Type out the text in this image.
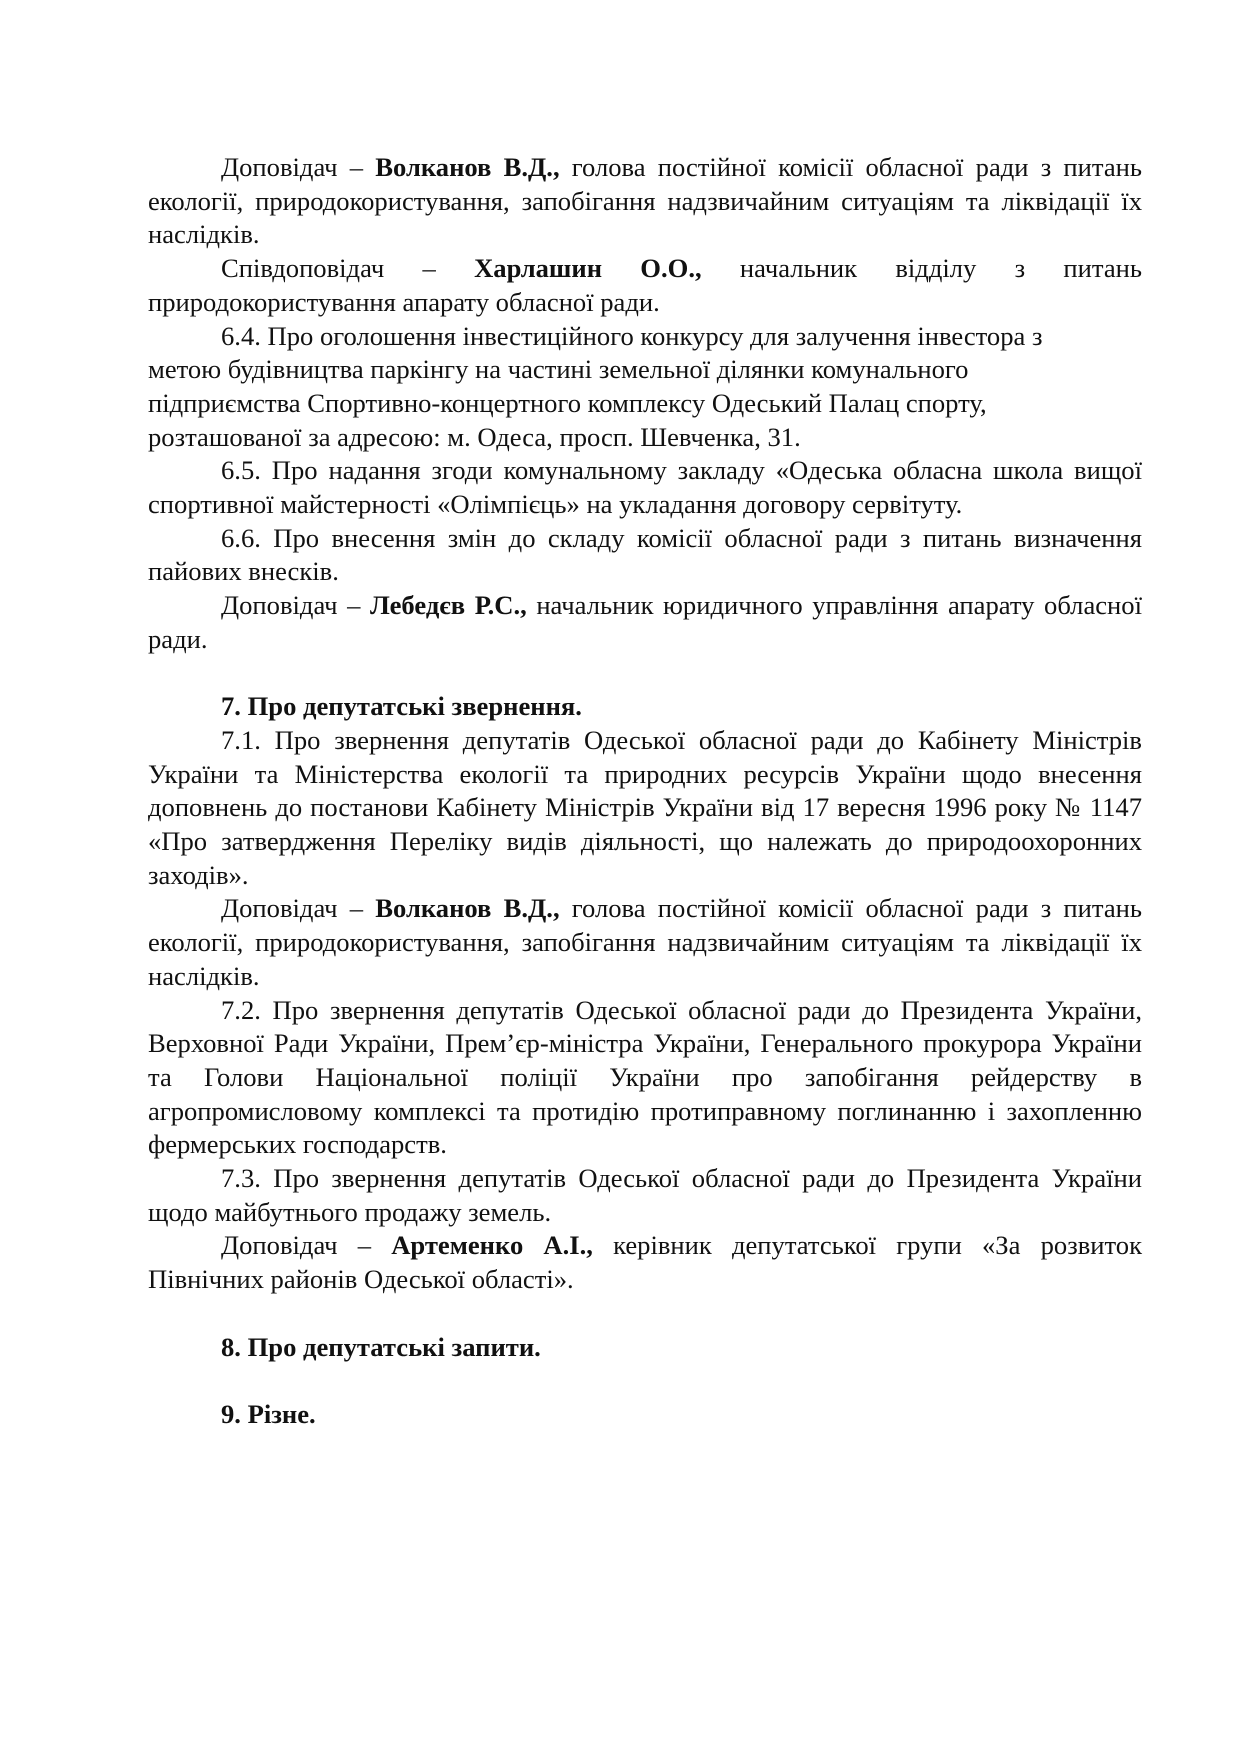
Доповідач – Волканов В.Д., голова постійної комісії обласної ради з питань екології, природокористування, запобігання надзвичайним ситуаціям та ліквідації їх наслідків.

Співдоповідач – Харлашин О.О., начальник відділу з питань природокористування апарату обласної ради.

6.4. Про оголошення інвестиційного конкурсу для залучення інвестора з
метою будівництва паркінгу на частині земельної ділянки комунального
підприємства Спортивно-концертного комплексу Одеський Палац спорту,
розташованої за адресою: м. Одеса, просп. Шевченка, 31.

6.5. Про надання згоди комунальному закладу «Одеська обласна школа вищої спортивної майстерності «Олімпієць» на укладання договору сервітуту.

6.6. Про внесення змін до складу комісії обласної ради з питань визначення пайових внесків.

Доповідач – Лебедєв Р.С., начальник юридичного управління апарату обласної ради.

7. Про депутатські звернення.

7.1. Про звернення депутатів Одеської обласної ради до Кабінету Міністрів України та Міністерства екології та природних ресурсів України щодо внесення доповнень до постанови Кабінету Міністрів України від 17 вересня 1996 року № 1147 «Про затвердження Переліку видів діяльності, що належать до природоохоронних заходів».

Доповідач – Волканов В.Д., голова постійної комісії обласної ради з питань екології, природокористування, запобігання надзвичайним ситуаціям та ліквідації їх наслідків.

7.2. Про звернення депутатів Одеської обласної ради до Президента України, Верховної Ради України, Прем’єр-міністра України, Генерального прокурора України та Голови Національної поліції України про запобігання рейдерству в агропромисловому комплексі та протидію протиправному поглинанню і захопленню фермерських господарств.

7.3. Про звернення депутатів Одеської обласної ради до Президента України щодо майбутнього продажу земель.

Доповідач – Артеменко А.І., керівник депутатської групи «За розвиток Північних районів Одеської області».

8. Про депутатські запити.

9. Різне.
